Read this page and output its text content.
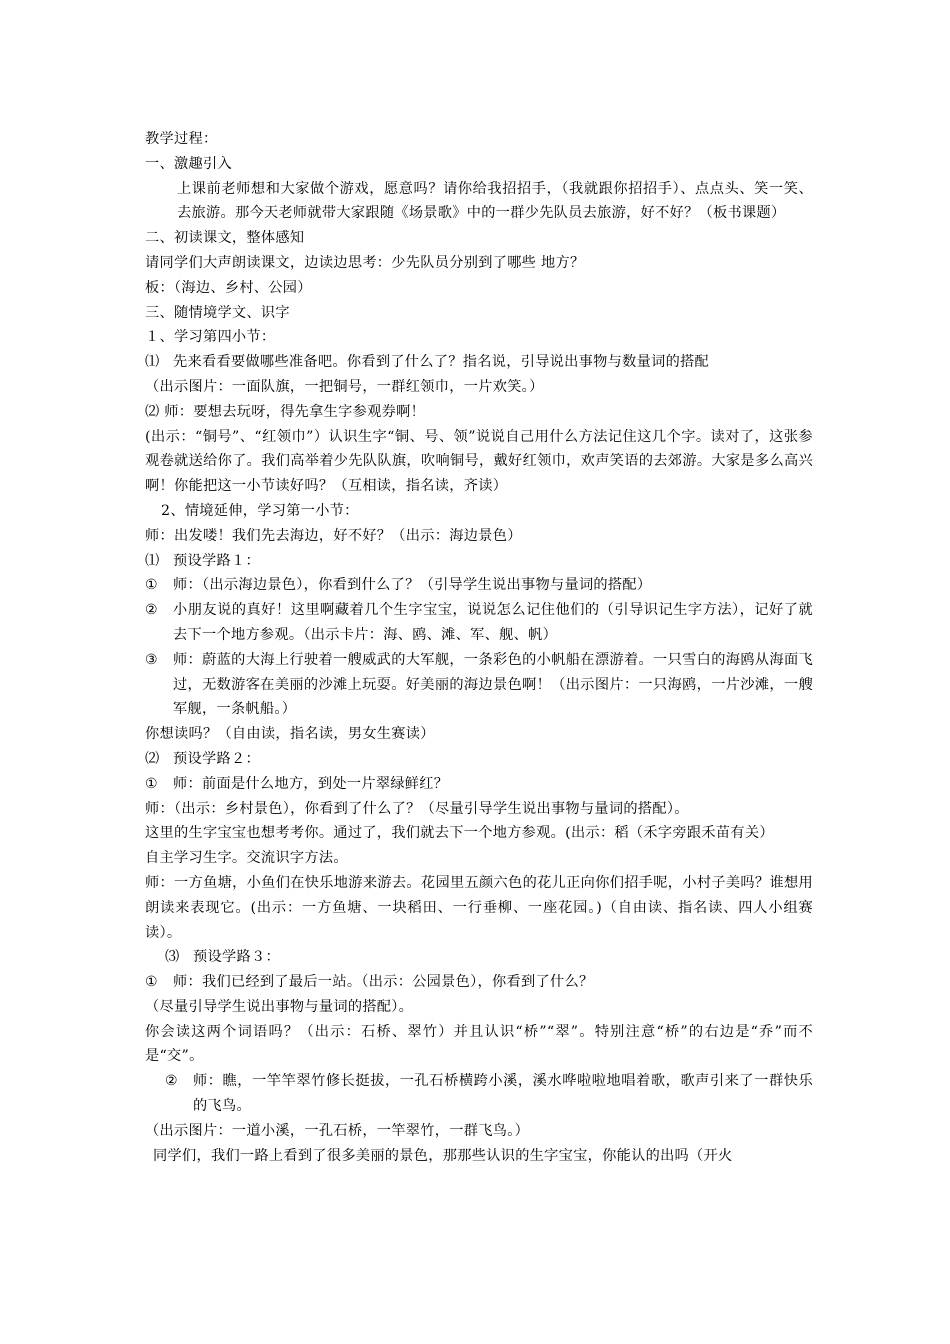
教学过程：
一、激趣引入
上课前老师想和大家做个游戏，愿意吗？请你给我招招手，（我就跟你招招手）、点点头、笑一笑、去旅游。那今天老师就带大家跟随《场景歌》中的一群少先队员去旅游，好不好？（板书课题）
二、初读课文，整体感知
请同学们大声朗读课文，边读边思考：少先队员分别到了哪些 地方？
板：（海边、乡村、公园）
三、随情境学文、识字
１、学习第四小节：
⑴ 先来看看要做哪些准备吧。你看到了什么了？指名说，引导说出事物与数量词的搭配
（出示图片：一面队旗，一把铜号，一群红领巾，一片欢笑。）
⑵ 师：要想去玩呀，得先拿生字参观券啊！
(出示：“铜号”、“红领巾”）认识生字“铜、号、领”说说自己用什么方法记住这几个字。读对了，这张参观卷就送给你了。我们高举着少先队队旗，吹响铜号，戴好红领巾，欢声笑语的去郊游。大家是多么高兴啊！你能把这一小节读好吗？（互相读，指名读，齐读）
2、情境延伸，学习第一小节：
师：出发喽！我们先去海边，好不好？（出示：海边景色）
⑴ 预设学路１：
①	师：（出示海边景色），你看到什么了？（引导学生说出事物与量词的搭配）
②	小朋友说的真好！这里啊藏着几个生字宝宝，说说怎么记住他们的（引导识记生字方法），记好了就去下一个地方参观。（出示卡片：海、鸥、滩、军、舰、帆）
③	师：蔚蓝的大海上行驶着一艘威武的大军舰，一条彩色的小帆船在漂游着。一只雪白的海鸥从海面飞过，无数游客在美丽的沙滩上玩耍。好美丽的海边景色啊！（出示图片：一只海鸥，一片沙滩，一艘军舰，一条帆船。）
你想读吗？（自由读，指名读，男女生赛读）
⑵ 预设学路２：
①	师：前面是什么地方，到处一片翠绿鲜红？
师：（出示：乡村景色），你看到了什么了？（尽量引导学生说出事物与量词的搭配）。
这里的生字宝宝也想考考你。通过了，我们就去下一个地方参观。(出示：稻（禾字旁跟禾苗有关）
自主学习生字。交流识字方法。
师：一方鱼塘，小鱼们在快乐地游来游去。花园里五颜六色的花儿正向你们招手呢，小村子美吗？谁想用朗读来表现它。(出示：一方鱼塘、一块稻田、一行垂柳、一座花园。)（自由读、指名读、四人小组赛读）。
⑶ 预设学路３：
①	师：我们已经到了最后一站。（出示：公园景色），你看到了什么？
（尽量引导学生说出事物与量词的搭配）。
你会读这两个词语吗？（出示：石桥、翠竹）并且认识“桥”“翠”。特别注意“桥”的右边是“乔”而不是“交”。
②	师：瞧，一竿竿翠竹修长挺拔，一孔石桥横跨小溪，溪水哗啦啦地唱着歌，歌声引来了一群快乐的飞鸟。
（出示图片：一道小溪，一孔石桥，一竿翠竹，一群飞鸟。）
同学们，我们一路上看到了很多美丽的景色，那那些认识的生字宝宝，你能认的出吗（开火
